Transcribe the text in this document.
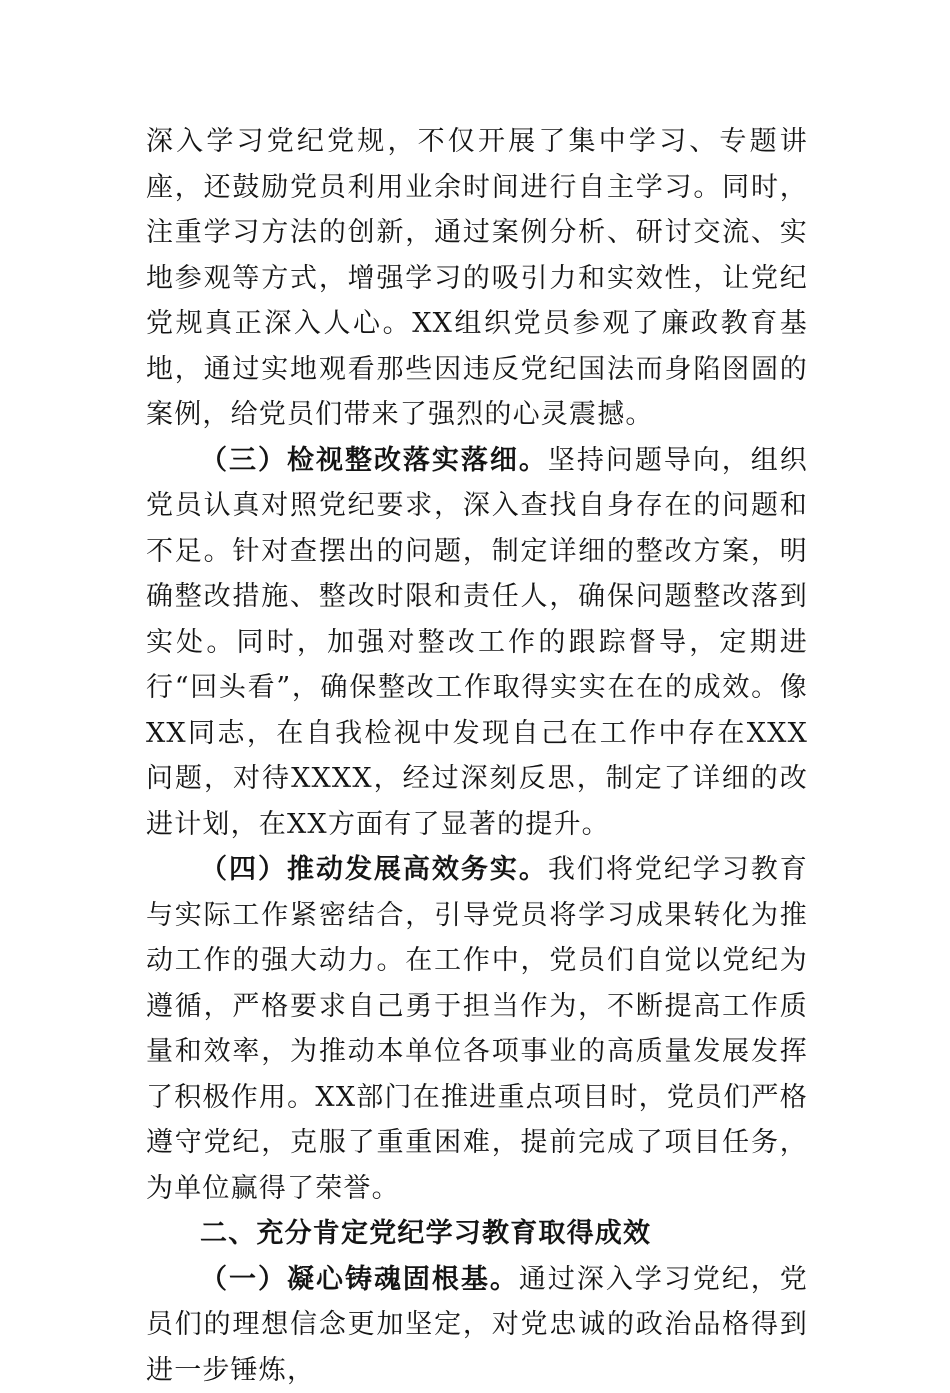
深入学习党纪党规，不仅开展了集中学习、专题讲座，还鼓励党员利用业余时间进行自主学习。同时，注重学习方法的创新，通过案例分析、研讨交流、实地参观等方式，增强学习的吸引力和实效性，让党纪党规真正深入人心。XX组织党员参观了廉政教育基地，通过实地观看那些因违反党纪国法而身陷囹圄的案例，给党员们带来了强烈的心灵震撼。

（三）检视整改落实落细。坚持问题导向，组织党员认真对照党纪要求，深入查找自身存在的问题和不足。针对查摆出的问题，制定详细的整改方案，明确整改措施、整改时限和责任人，确保问题整改落到实处。同时，加强对整改工作的跟踪督导，定期进行“回头看”，确保整改工作取得实实在在的成效。像XX同志，在自我检视中发现自己在工作中存在XXX问题，对待XXXX，经过深刻反思，制定了详细的改进计划，在XX方面有了显著的提升。

（四）推动发展高效务实。我们将党纪学习教育与实际工作紧密结合，引导党员将学习成果转化为推动工作的强大动力。在工作中，党员们自觉以党纪为遵循，严格要求自己勇于担当作为，不断提高工作质量和效率，为推动本单位各项事业的高质量发展发挥了积极作用。XX部门在推进重点项目时，党员们严格遵守党纪，克服了重重困难，提前完成了项目任务，为单位赢得了荣誉。

二、充分肯定党纪学习教育取得成效

（一）凝心铸魂固根基。通过深入学习党纪，党员们的理想信念更加坚定，对党忠诚的政治品格得到进一步锤炼，
